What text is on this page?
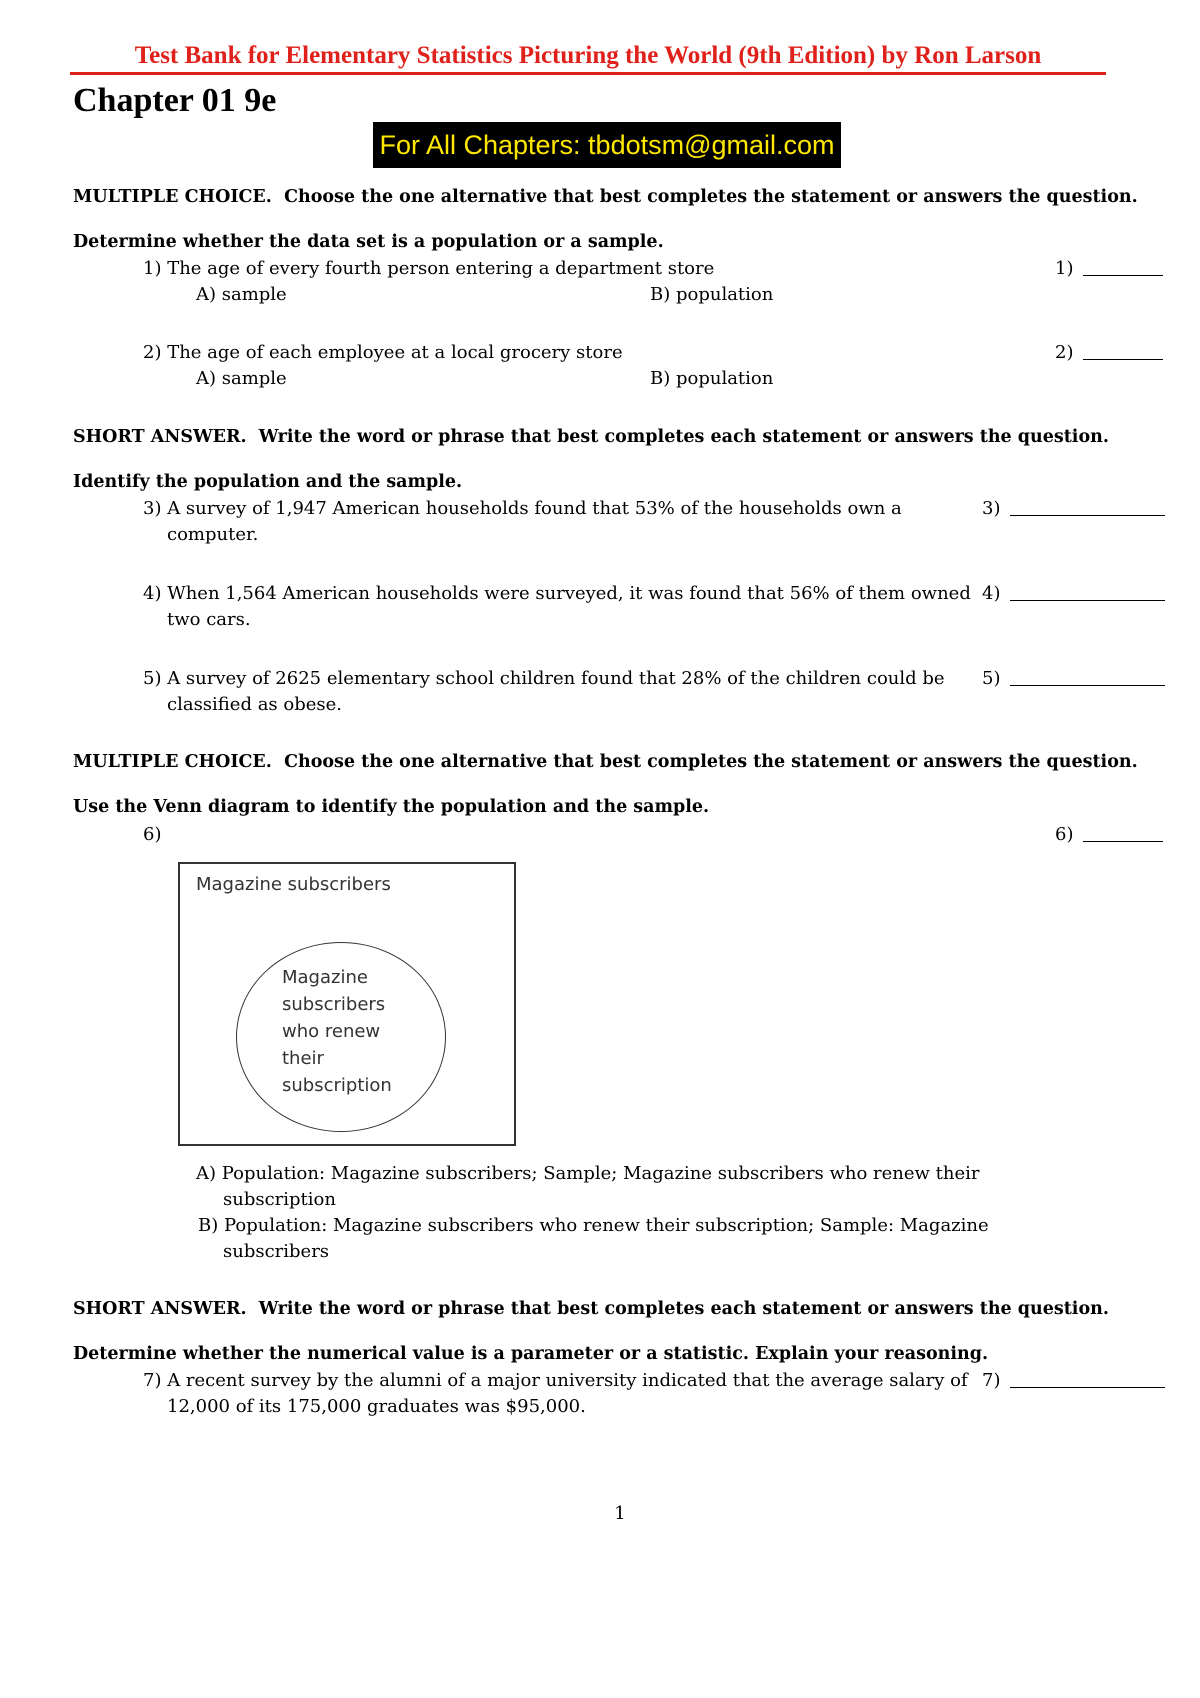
Test Bank for Elementary Statistics Picturing the World (9th Edition) by Ron Larson
Chapter 01 9e
For All Chapters: tbdotsm@gmail.com
MULTIPLE CHOICE. Choose the one alternative that best completes the statement or answers the question.
Determine whether the data set is a population or a sample.
1) The age of every fourth person entering a department store	1)
A) sample	B) population
2) The age of each employee at a local grocery store	2)
A) sample	B) population
SHORT ANSWER. Write the word or phrase that best completes each statement or answers the question.
Identify the population and the sample.
3) A survey of 1,947 American households found that 53% of the households own a
computer.
3)
4) When 1,564 American households were surveyed, it was found that 56% of them owned
two cars.
4)
5) A survey of 2625 elementary school children found that 28% of the children could be
classified as obese.
5)
MULTIPLE CHOICE. Choose the one alternative that best completes the statement or answers the question.
Use the Venn diagram to identify the population and the sample.
6)	6)
Magazine subscribers
Magazine
subscribers
who renew
their
subscription
A) Population: Magazine subscribers; Sample; Magazine subscribers who renew their
subscription
B) Population: Magazine subscribers who renew their subscription; Sample: Magazine
subscribers
SHORT ANSWER. Write the word or phrase that best completes each statement or answers the question.
Determine whether the numerical value is a parameter or a statistic. Explain your reasoning.
7) A recent survey by the alumni of a major university indicated that the average salary of
12,000 of its 175,000 graduates was $95,000.
7)
1
